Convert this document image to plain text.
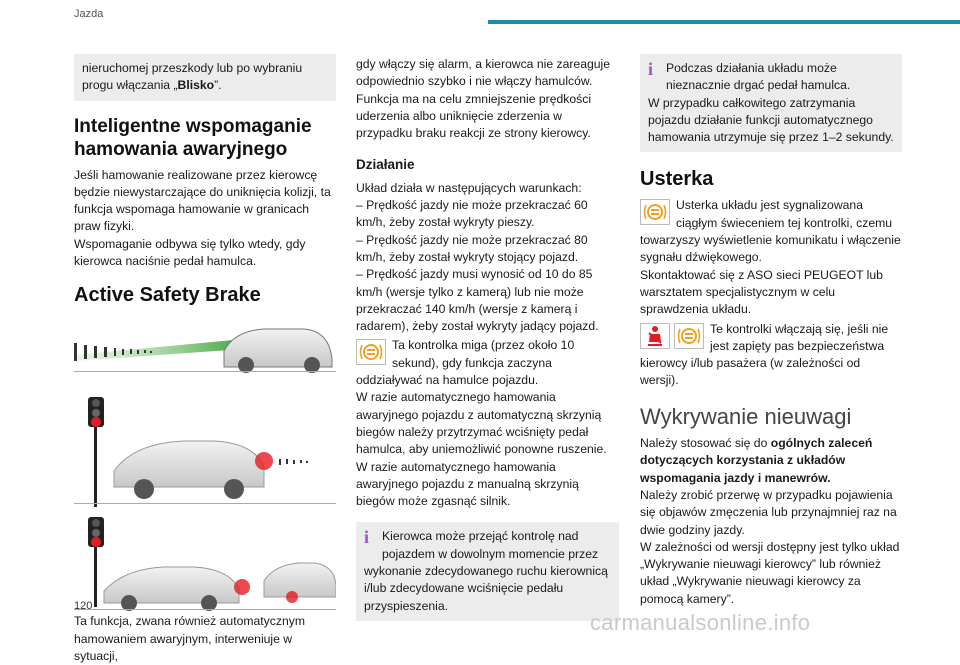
Jazda
nieruchomej przeszkody lub po wybraniu progu włączania „Blisko”.
Inteligentne wspomaganie hamowania awaryjnego

Jeśli hamowanie realizowane przez kierowcę będzie niewystarczające do uniknięcia kolizji, ta funkcja wspomaga hamowanie w granicach praw fizyki.

Wspomaganie odbywa się tylko wtedy, gdy kierowca naciśnie pedał hamulca.

Active Safety Brake

Ta funkcja, zwana również automatycznym hamowaniem awaryjnym, interweniuje w sytuacji,

gdy włączy się alarm, a kierowca nie zareaguje odpowiednio szybko i nie włączy hamulców. Funkcja ma na celu zmniejszenie prędkości uderzenia albo uniknięcie zderzenia w przypadku braku reakcji ze strony kierowcy.

Działanie

Układ działa w następujących warunkach:

– Prędkość jazdy nie może przekraczać 60 km/h, żeby został wykryty pieszy.

– Prędkość jazdy nie może przekraczać 80 km/h, żeby został wykryty stojący pojazd.

– Prędkość jazdy musi wynosić od 10 do 85 km/h (wersje tylko z kamerą) lub nie może przekraczać 140 km/h (wersje z kamerą i radarem), żeby został wykryty jadący pojazd.

Ta kontrolka miga (przez około 10 sekund), gdy funkcja zaczyna oddziaływać na hamulce pojazdu.

W razie automatycznego hamowania awaryjnego pojazdu z automatyczną skrzynią biegów należy przytrzymać wciśnięty pedał hamulca, aby uniemożliwić ponowne ruszenie.

W razie automatycznego hamowania awaryjnego pojazdu z manualną skrzynią biegów może zgasnąć silnik.

i	Kierowca może przejąć kontrolę nad pojazdem w dowolnym momencie przez wykonanie zdecydowanego ruchu kierownicą i/lub zdecydowane wciśnięcie pedału przyspieszenia.

i	Podczas działania układu może nieznacznie drgać pedał hamulca.

W przypadku całkowitego zatrzymania pojazdu działanie funkcji automatycznego hamowania utrzymuje się przez 1–2 sekundy.

Usterka

Usterka układu jest sygnalizowana ciągłym świeceniem tej kontrolki, czemu towarzyszy wyświetlenie komunikatu i włączenie sygnału dźwiękowego.

Skontaktować się z ASO sieci PEUGEOT lub warsztatem specjalistycznym w celu sprawdzenia układu.

Te kontrolki włączają się, jeśli nie jest zapięty pas bezpieczeństwa kierowcy i/lub pasażera (w zależności od wersji).

Wykrywanie nieuwagi

Należy stosować się do ogólnych zaleceń dotyczących korzystania z układów wspomagania jazdy i manewrów.

Należy zrobić przerwę w przypadku pojawienia się objawów zmęczenia lub przynajmniej raz na dwie godziny jazdy.

W zależności od wersji dostępny jest tylko układ „Wykrywanie nieuwagi kierowcy” lub również układ „Wykrywanie nieuwagi kierowcy za pomocą kamery”.

120
carmanualsonline.info
